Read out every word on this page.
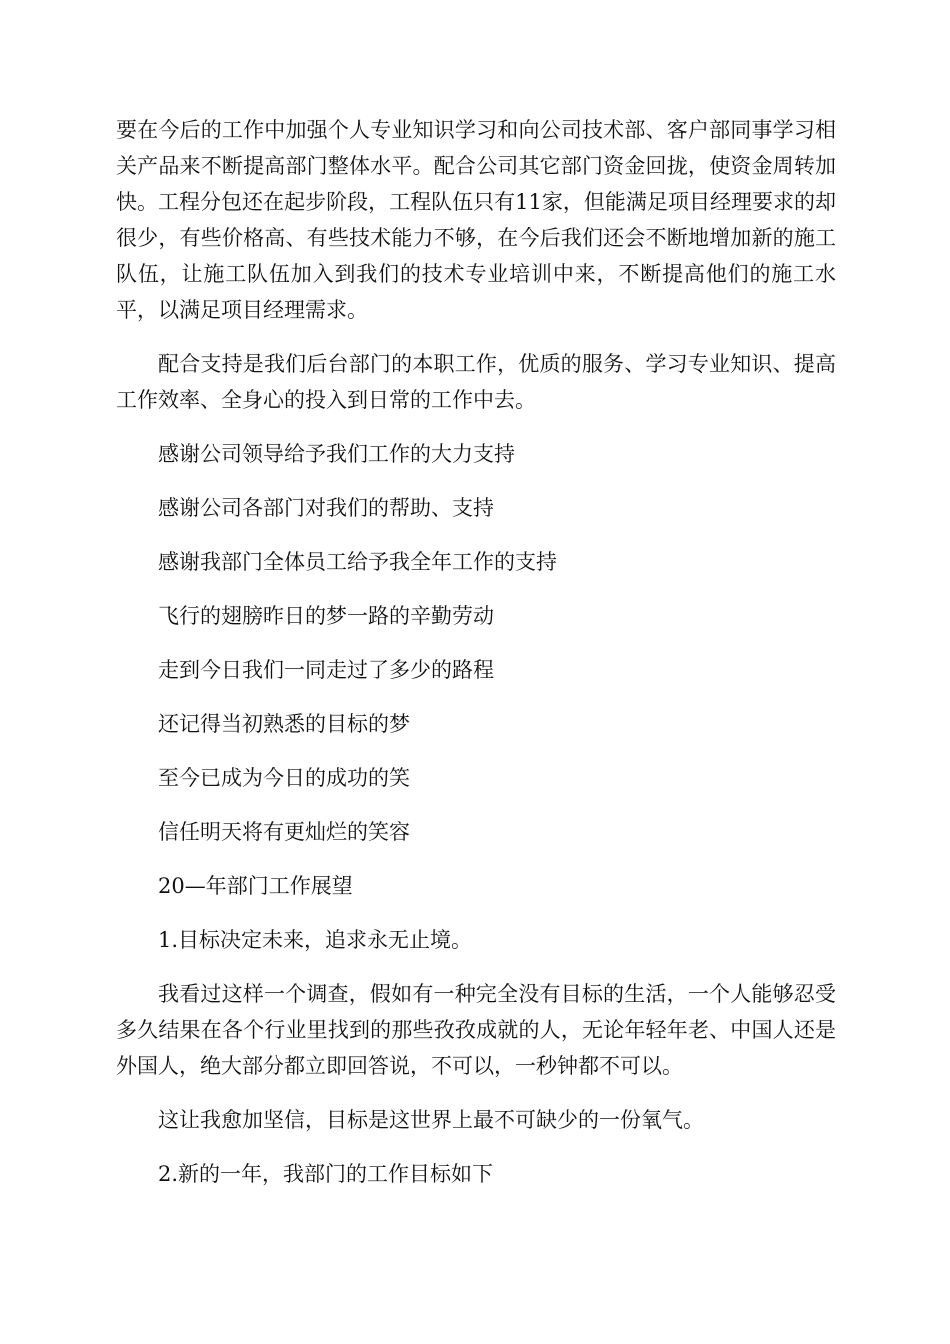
要在今后的工作中加强个人专业知识学习和向公司技术部、客户部同事学习相关产品来不断提高部门整体水平。配合公司其它部门资金回拢，使资金周转加快。工程分包还在起步阶段，工程队伍只有11家，但能满足项目经理要求的却很少，有些价格高、有些技术能力不够，在今后我们还会不断地增加新的施工队伍，让施工队伍加入到我们的技术专业培训中来，不断提高他们的施工水平，以满足项目经理需求。

配合支持是我们后台部门的本职工作，优质的服务、学习专业知识、提高工作效率、全身心的投入到日常的工作中去。

感谢公司领导给予我们工作的大力支持

感谢公司各部门对我们的帮助、支持

感谢我部门全体员工给予我全年工作的支持

飞行的翅膀昨日的梦一路的辛勤劳动

走到今日我们一同走过了多少的路程

还记得当初熟悉的目标的梦

至今已成为今日的成功的笑

信任明天将有更灿烂的笑容

20—年部门工作展望

1.目标决定未来，追求永无止境。

我看过这样一个调查，假如有一种完全没有目标的生活，一个人能够忍受多久结果在各个行业里找到的那些孜孜成就的人，无论年轻年老、中国人还是外国人，绝大部分都立即回答说，不可以，一秒钟都不可以。

这让我愈加坚信，目标是这世界上最不可缺少的一份氧气。

2.新的一年，我部门的工作目标如下
